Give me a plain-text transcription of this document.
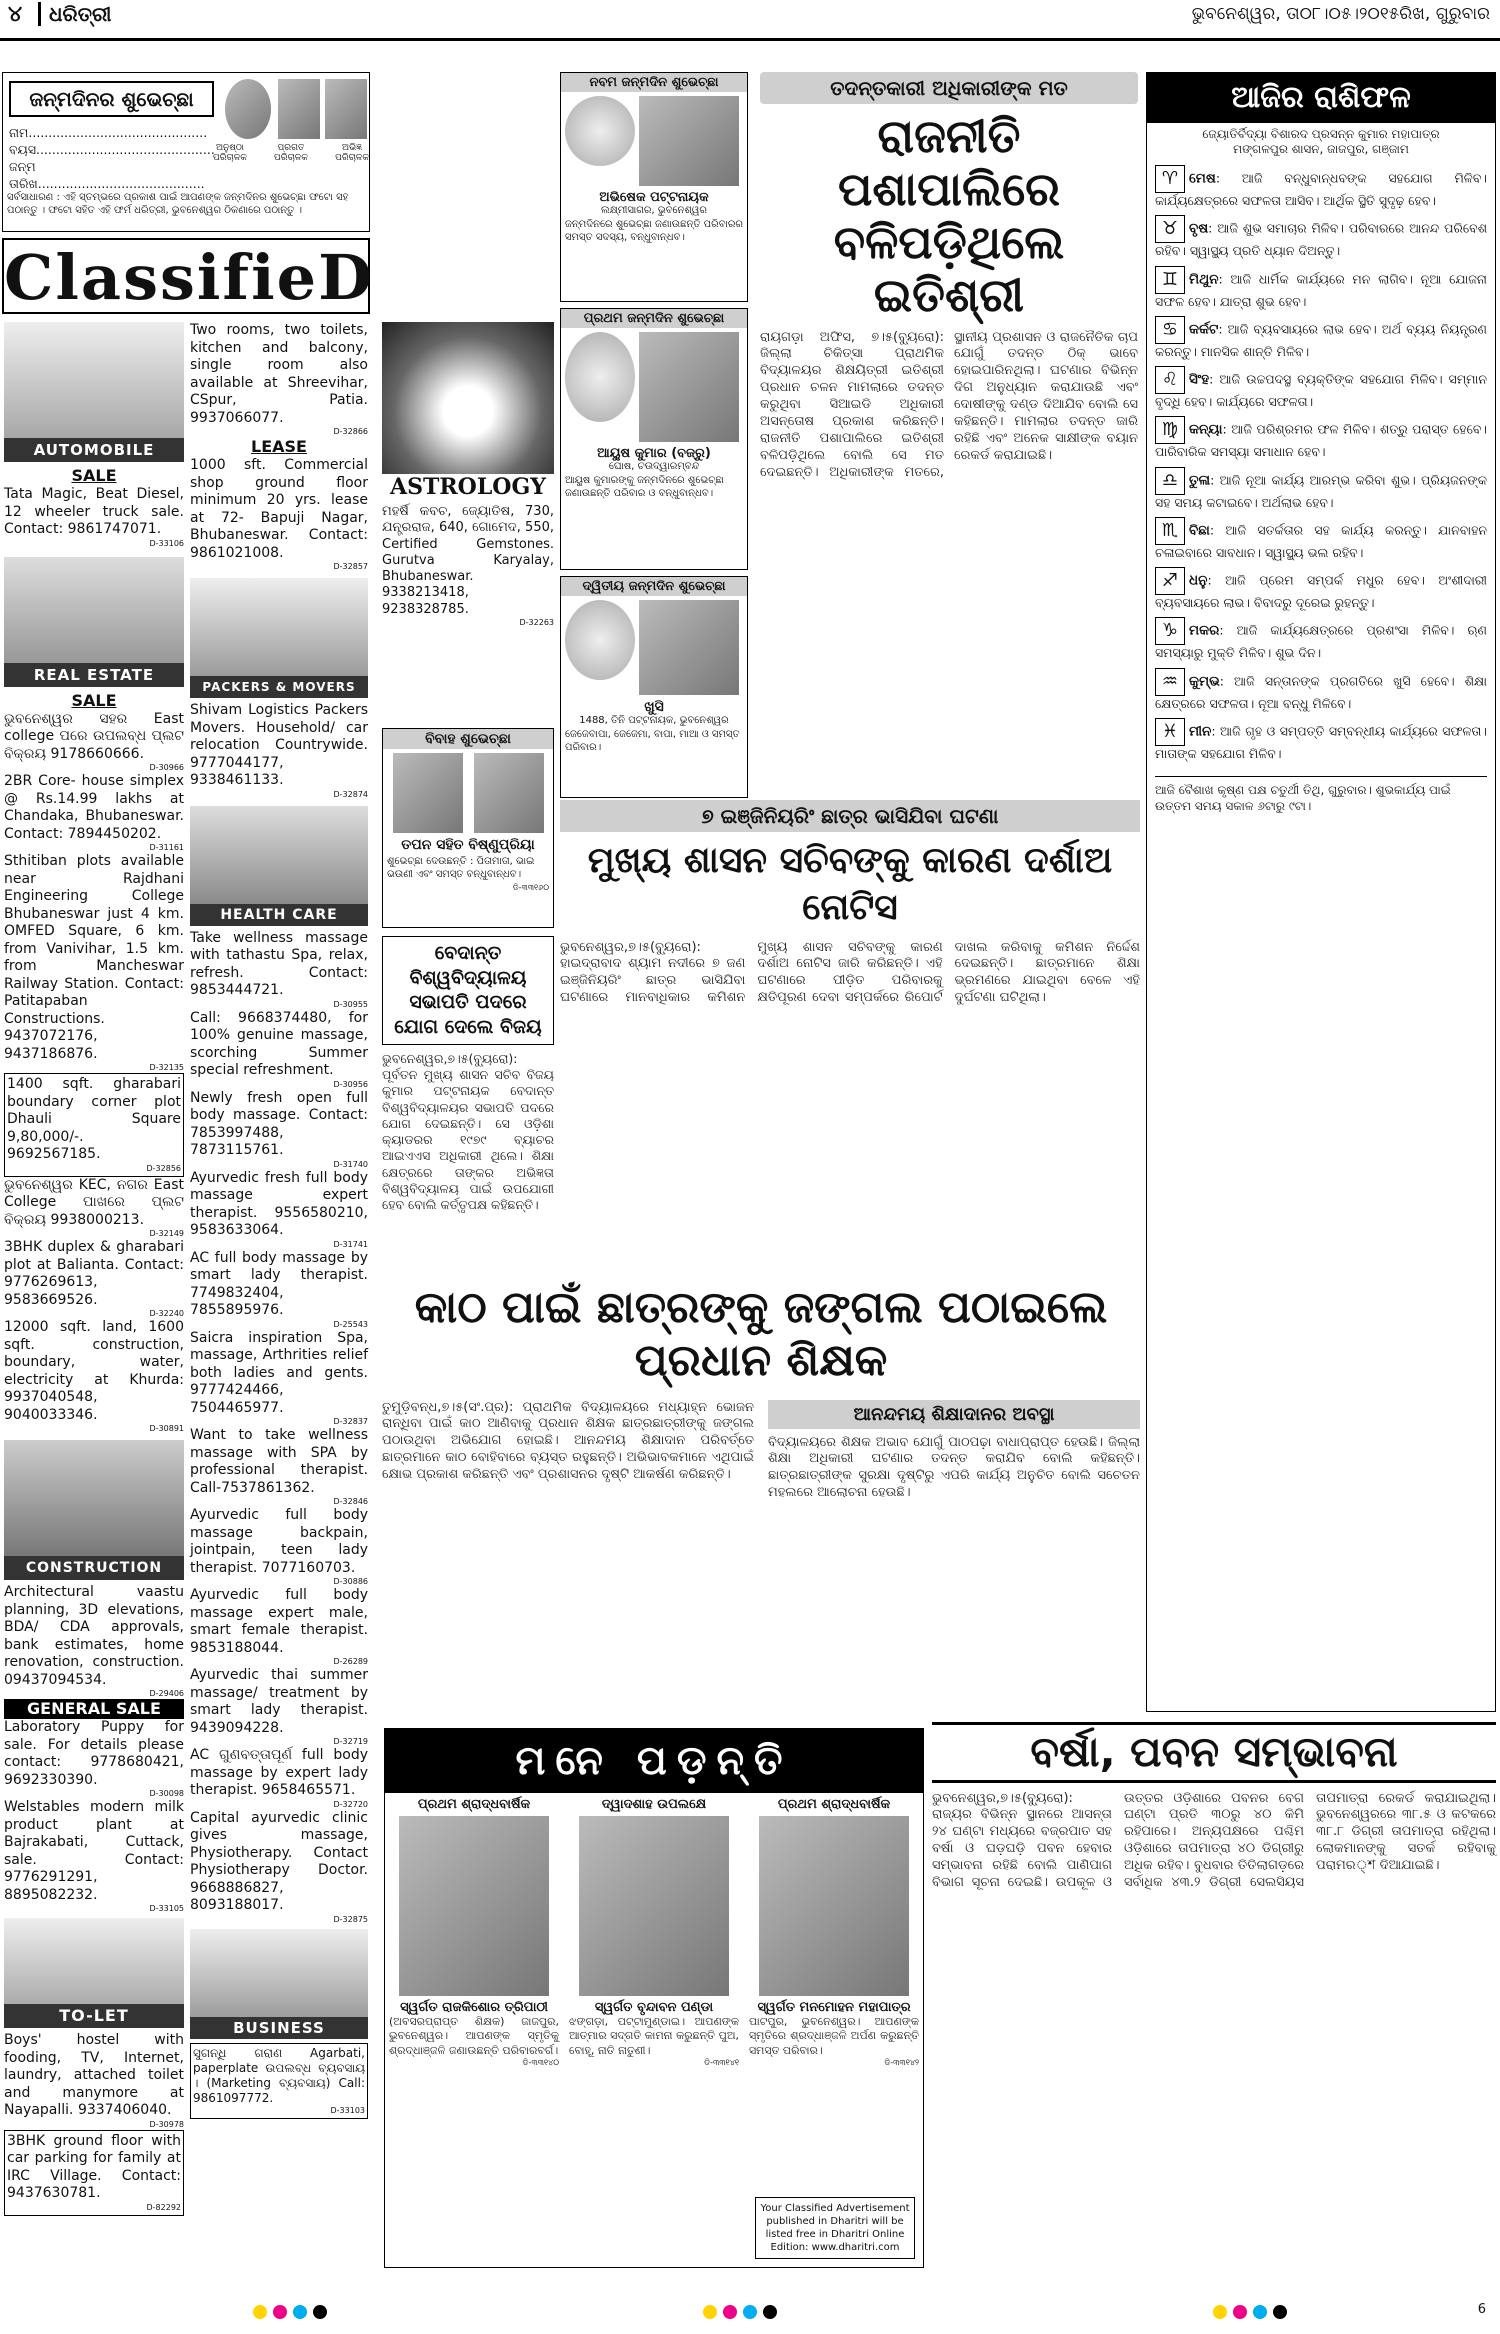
୪	ଧରିତ୍ରୀ	ଭୁବନେଶ୍ୱର, ତା୦୮।୦୫।୨୦୧୫ରିଖ, ଗୁରୁବାର
ଜନ୍ମଦିନର ଶୁଭେଚ୍ଛା
ନାମ.............................................
ବୟସ.............................................
ଜନ୍ମ ତାରିଖ..........................................
ଅନୁଷ୍ଠା
ପରିଚାଳକ
ପ୍ରଗତ
ପରିଚାଳକ
ଅଭିଜ୍ଞ
ପରିଚାଳକ
ସର୍ବସାଧାରଣ : ଏହି ସ୍ତମ୍ଭରେ ପ୍ରକାଶ ପାଇଁ ଆପଣଙ୍କ ଜନ୍ମଦିନର ଶୁଭେଚ୍ଛା ଫଟୋ ସହ ପଠାନ୍ତୁ । ଫଟୋ ସହିତ ଏହି ଫର୍ମ ଧରିତ୍ରୀ, ଭୁବନେଶ୍ୱର ଠିକଣାରେ ପଠାନ୍ତୁ ।
ClassifieD
AUTOMOBILE
SALE
Tata Magic, Beat Diesel, 12 wheeler truck sale. Contact: 9861747071.
D-33106
REAL ESTATE
SALE
ଭୁବନେଶ୍ୱର ସହର East college ପରେ ଉପଲବ୍ଧ ପ୍ଲଟ ବିକ୍ରୟ 9178660666.
D-30966
2BR Core- house simplex @ Rs.14.99 lakhs at Chandaka, Bhubaneswar. Contact: 7894450202.
D-31161
Sthitiban plots available near Rajdhani Engineering College Bhubaneswar just 4 km. OMFED Square, 6 km. from Vanivihar, 1.5 km. from Mancheswar Railway Station. Contact: Patitapaban Constructions. 9437072176, 9437186876.
D-32135
1400 sqft. gharabari boundary corner plot Dhauli Square 9,80,000/-. 9692567185.
D-32856
ଭୁବନେଶ୍ୱର KEC, ନଗର East College ପାଖରେ ପ୍ଲଟ ବିକ୍ରୟ 9938000213.
D-32149
3BHK duplex & gharabari plot at Balianta. Contact: 9776269613, 9583669526.
D-32240
12000 sqft. land, 1600 sqft. construction, boundary, water, electricity at Khurda: 9937040548, 9040033346.
D-30891
CONSTRUCTION
Architectural vaastu planning, 3D elevations, BDA/ CDA approvals, bank estimates, home renovation, construction. 09437094534.
D-29406
GENERAL SALE
Laboratory Puppy for sale. For details please contact: 9778680421, 9692330390.
D-30098
Welstables modern milk product plant at Bajrakabati, Cuttack, sale. Contact: 9776291291, 8895082232.
D-33105
TO-LET
Boys' hostel with fooding, TV, Internet, laundry, attached toilet and manymore at Nayapalli. 9337406040.
D-30978
3BHK ground floor with car parking for family at IRC Village. Contact: 9437630781.
D-82292
Two rooms, two toilets, kitchen and balcony, single room also available at Shreevihar, CSpur, Patia. 9937066077.
D-32866
LEASE
1000 sft. Commercial shop ground floor minimum 20 yrs. lease at 72- Bapuji Nagar, Bhubaneswar. Contact: 9861021008.
D-32857
PACKERS & MOVERS
Shivam Logistics Packers Movers. Household/ car relocation Countrywide. 9777044177, 9338461133.
D-32874
HEALTH CARE
Take wellness massage with tathastu Spa, relax, refresh. Contact: 9853444721.
D-30955
Call: 9668374480, for 100% genuine massage, scorching Summer special refreshment.
D-30956
Newly fresh open full body massage. Contact: 7853997488, 7873115761.
D-31740
Ayurvedic fresh full body massage expert therapist. 9556580210, 9583633064.
D-31741
AC full body massage by smart lady therapist. 7749832404, 7855895976.
D-25543
Saicra inspiration Spa, massage, Arthrities relief both ladies and gents. 9777424466, 7504465977.
D-32837
Want to take wellness massage with SPA by professional therapist. Call-7537861362.
D-32846
Ayurvedic full body massage backpain, jointpain, teen lady therapist. 7077160703.
D-30886
Ayurvedic full body massage expert male, smart female therapist. 9853188044.
D-26289
Ayurvedic thai summer massage/ treatment by smart lady therapist. 9439094228.
D-32719
AC ଗୁଣବତ୍ତାପୂର୍ଣ full body massage by expert lady therapist. 9658465571.
D-32720
Capital ayurvedic clinic gives massage, Physiotherapy. Contact Physiotherapy Doctor. 9668886827, 8093188017.
D-32875
BUSINESS
ସୁଗନ୍ଧି ଗରାଣ Agarbati, paperplate ଉପଲବ୍ଧ ବ୍ୟବସାୟ । (Marketing ବ୍ୟବସାୟ) Call: 9861097772.
D-33103
ASTROLOGY
ମହର୍ଷି କବଚ, ଜ୍ୟୋତିଷ, 730, ଯନ୍ତ୍ରରାଜ, 640, ଗୋମେଦ, 550, Certified Gemstones. Gurutva Karyalay, Bhubaneswar. 9338213418, 9238328785.
D-32263
ବିବାହ ଶୁଭେଚ୍ଛା
ତପନ ସହିତ ବିଷ୍ଣୁପ୍ରିୟା
ଶୁଭେଚ୍ଛା ଦେଉଛନ୍ତି : ପିତାମାତା, ଭାଇ ଭଉଣୀ ଏବଂ ସମସ୍ତ ବନ୍ଧୁବାନ୍ଧବ।
ଡି-୩୩୧୬୦
ବେଦାନ୍ତ ବିଶ୍ୱବିଦ୍ୟାଳୟ ସଭାପତି ପଦରେ ଯୋଗ ଦେଲେ ବିଜୟ
ଭୁବନେଶ୍ୱର,୭।୫(ବ୍ୟୁରୋ): ପୂର୍ବତନ ମୁଖ୍ୟ ଶାସନ ସଚିବ ବିଜୟ କୁମାର ପଟ୍ଟନାୟକ ବେଦାନ୍ତ ବିଶ୍ୱବିଦ୍ୟାଳୟର ସଭାପତି ପଦରେ ଯୋଗ ଦେଇଛନ୍ତି। ସେ ଓଡ଼ିଶା କ୍ୟାଡରର ୧୯୭୯ ବ୍ୟାଚର ଆଇଏଏସ ଅଧିକାରୀ ଥିଲେ। ଶିକ୍ଷା କ୍ଷେତ୍ରରେ ତାଙ୍କର ଅଭିଜ୍ଞତା ବିଶ୍ୱବିଦ୍ୟାଳୟ ପାଇଁ ଉପଯୋଗୀ ହେବ ବୋଲି କର୍ତ୍ତୃପକ୍ଷ କହିଛନ୍ତି।
ନବମ ଜନ୍ମଦିନ ଶୁଭେଚ୍ଛା
ଅଭିଷେକ ପଟ୍ଟନାୟକ
ଲକ୍ଷ୍ମୀସାଗର, ଭୁବନେଶ୍ୱର
ଜନ୍ମଦିନରେ ଶୁଭେଚ୍ଛା ଜଣାଉଛନ୍ତି ପରିବାରର ସମସ୍ତ ସଦସ୍ୟ, ବନ୍ଧୁବାନ୍ଧବ।
ପ୍ରଥମ ଜନ୍ମଦିନ ଶୁଭେଚ୍ଛା
ଆୟୁଷ କୁମାର (ବଜ୍ରୁ)
ଘୋଷ, ଚଉଦ୍ୱାରମ୍ବନ୍ଦ
ଆୟୁଷ କୁମାରଙ୍କୁ ଜନ୍ମଦିନରେ ଶୁଭେଚ୍ଛା ଜଣାଉଛନ୍ତି ପରିବାର ଓ ବନ୍ଧୁବାନ୍ଧବ।
ଦ୍ୱିତୀୟ ଜନ୍ମଦିନ ଶୁଭେଚ୍ଛା
ଖୁସି
1488, ତିନି ପଟ୍ଟନାୟକ, ଭୁବନେଶ୍ୱର
ଜେଜେବାପା, ଜେଜେମା, ବାପା, ମାଆ ଓ ସମସ୍ତ ପରିବାର।
ତଦନ୍ତକାରୀ ଅଧିକାରୀଙ୍କ ମତ
ରାଜନୀତି ପଶାପାଲିରେ
ବଳିପଡ଼ିଥିଲେ ଇତିଶ୍ରୀ
ରାୟଗଡ଼ା ଅଫିସ, ୭।୫(ବ୍ୟୁରୋ): ଜିଲ୍ଲା ଚିକିତ୍ସା ପ୍ରାଥମିକ ବିଦ୍ୟାଳୟର ଶିକ୍ଷୟିତ୍ରୀ ଇତିଶ୍ରୀ ପ୍ରଧାନ ଚଳନ ମାମଲାରେ ତଦନ୍ତ କରୁଥିବା ସିଆଇଡି ଅଧିକାରୀ ଅସନ୍ତୋଷ ପ୍ରକାଶ କରିଛନ୍ତି। ରାଜନୀତି ପଶାପାଲିରେ ଇତିଶ୍ରୀ ବଳିପଡ଼ିଥିଲେ ବୋଲି ସେ ମତ ଦେଇଛନ୍ତି। ଅଧିକାରୀଙ୍କ ମତରେ, ସ୍ଥାନୀୟ ପ୍ରଶାସନ ଓ ରାଜନୈତିକ ଚାପ ଯୋଗୁଁ ତଦନ୍ତ ଠିକ୍ ଭାବେ ହୋଇପାରିନଥିଲା। ଘଟଣାର ବିଭିନ୍ନ ଦିଗ ଅନୁଧ୍ୟାନ କରାଯାଉଛି ଏବଂ ଦୋଷୀଙ୍କୁ ଦଣ୍ଡ ଦିଆଯିବ ବୋଲି ସେ କହିଛନ୍ତି। ମାମଲାର ତଦନ୍ତ ଜାରି ରହିଛି ଏବଂ ଅନେକ ସାକ୍ଷୀଙ୍କ ବୟାନ ରେକର୍ଡ କରାଯାଇଛି।
୭ ଇଞ୍ଜିନିୟରିଂ ଛାତ୍ର ଭାସିଯିବା ଘଟଣା
ମୁଖ୍ୟ ଶାସନ ସଚିବଙ୍କୁ କାରଣ ଦର୍ଶାଅ ନୋଟିସ
ଭୁବନେଶ୍ୱର,୭।୫(ବ୍ୟୁରୋ): ହାଇଦ୍ରାବାଦ ଶ୍ୟାମ ନଦୀରେ ୭ ଜଣ ଇଞ୍ଜିନିୟରିଂ ଛାତ୍ର ଭାସିଯିବା ଘଟଣାରେ ମାନବାଧିକାର କମିଶନ ମୁଖ୍ୟ ଶାସନ ସଚିବଙ୍କୁ କାରଣ ଦର୍ଶାଅ ନୋଟିସ ଜାରି କରିଛନ୍ତି। ଏହି ଘଟଣାରେ ପୀଡ଼ିତ ପରିବାରକୁ କ୍ଷତିପୂରଣ ଦେବା ସମ୍ପର୍କରେ ରିପୋର୍ଟ ଦାଖଲ କରିବାକୁ କମିଶନ ନିର୍ଦ୍ଦେଶ ଦେଇଛନ୍ତି। ଛାତ୍ରମାନେ ଶିକ୍ଷା ଭ୍ରମଣରେ ଯାଇଥିବା ବେଳେ ଏହି ଦୁର୍ଘଟଣା ଘଟିଥିଲା।
କାଠ ପାଇଁ ଛାତ୍ରଙ୍କୁ ଜଙ୍ଗଲ ପଠାଇଲେ ପ୍ରଧାନ ଶିକ୍ଷକ
ତୁମୁଡ଼ିବନ୍ଧ,୭।୫(ସଂ.ପ୍ର): ପ୍ରାଥମିକ ବିଦ୍ୟାଳୟରେ ମଧ୍ୟାହ୍ନ ଭୋଜନ ରାନ୍ଧିବା ପାଇଁ କାଠ ଆଣିବାକୁ ପ୍ରଧାନ ଶିକ୍ଷକ ଛାତ୍ରଛାତ୍ରୀଙ୍କୁ ଜଙ୍ଗଲ ପଠାଉଥିବା ଅଭିଯୋଗ ହୋଇଛି। ଆନନ୍ଦମୟ ଶିକ୍ଷାଦାନ ପରିବର୍ତ୍ତେ ଛାତ୍ରମାନେ କାଠ ବୋହିବାରେ ବ୍ୟସ୍ତ ରହୁଛନ୍ତି। ଅଭିଭାବକମାନେ ଏଥିପାଇଁ କ୍ଷୋଭ ପ୍ରକାଶ କରିଛନ୍ତି ଏବଂ ପ୍ରଶାସନର ଦୃଷ୍ଟି ଆକର୍ଷଣ କରିଛନ୍ତି।
ଆନନ୍ଦମୟ ଶିକ୍ଷାଦାନର ଅବସ୍ଥା
ବିଦ୍ୟାଳୟରେ ଶିକ୍ଷକ ଅଭାବ ଯୋଗୁଁ ପାଠପଢ଼ା ବାଧାପ୍ରାପ୍ତ ହେଉଛି। ଜିଲ୍ଲା ଶିକ୍ଷା ଅଧିକାରୀ ଘଟଣାର ତଦନ୍ତ କରାଯିବ ବୋଲି କହିଛନ୍ତି। ଛାତ୍ରଛାତ୍ରୀଙ୍କ ସୁରକ୍ଷା ଦୃଷ୍ଟିରୁ ଏପରି କାର୍ଯ୍ୟ ଅନୁଚିତ ବୋଲି ସଚେତନ ମହଲରେ ଆଲୋଚନା ହେଉଛି।
ମନେ ପଡ଼ନ୍ତି
ପ୍ରଥମ ଶ୍ରାଦ୍ଧବାର୍ଷିକ
ସ୍ୱର୍ଗତ ରାଜକିଶୋର ତ୍ରିପାଠୀ
(ଅବସରପ୍ରାପ୍ତ ଶିକ୍ଷକ) ଜାଜପୁର, ଭୁବନେଶ୍ୱର। ଆପଣଙ୍କ ସ୍ମୃତିକୁ ଶ୍ରଦ୍ଧାଞ୍ଜଳି ଜଣାଉଛନ୍ତି ପରିବାରବର୍ଗ।
ଡି-୩୩୧୪୦
ଦ୍ୱାଦଶାହ ଉପଲକ୍ଷେ
ସ୍ୱର୍ଗତ ବୃନ୍ଦାବନ ପଣ୍ଡା
ଝଙ୍ଗଡ଼ା, ପଟ୍ଟାମୁଣ୍ଡାଇ। ଆପଣଙ୍କ ଆତ୍ମାର ସଦ୍‌ଗତି କାମନା କରୁଛନ୍ତି ପୁଅ, ବୋହୂ, ନାତି ନାତୁଣୀ।
ଡି-୩୩୧୪୧
ପ୍ରଥମ ଶ୍ରାଦ୍ଧବାର୍ଷିକ
ସ୍ୱର୍ଗତ ମନମୋହନ ମହାପାତ୍ର
ପାଟପୁର, ଭୁବନେଶ୍ୱର। ଆପଣଙ୍କ ସ୍ମୃତିରେ ଶ୍ରଦ୍ଧାଞ୍ଜଳି ଅର୍ପଣ କରୁଛନ୍ତି ସମସ୍ତ ପରିବାର।
ଡି-୩୩୧୪୨
Your Classified Advertisement published in Dharitri will be listed free in Dharitri Online Edition: www.dharitri.com
ଆଜିର ରାଶିଫଳ
ଜ୍ୟୋତିର୍ବିଦ୍ୟା ବିଶାରଦ ପ୍ରସନ୍ନ କୁମାର ମହାପାତ୍ର
ମଙ୍ଗଳପୁର ଶାସନ, ଜାଜପୁର, ଗଞ୍ଜାମ
♈ ମେଷ: ଆଜି ବନ୍ଧୁବାନ୍ଧବଙ୍କ ସହଯୋଗ ମିଳିବ। କାର୍ଯ୍ୟକ୍ଷେତ୍ରରେ ସଫଳତା ଆସିବ। ଆର୍ଥିକ ସ୍ଥିତି ସୁଦୃଢ଼ ହେବ।
♉ ବୃଷ: ଆଜି ଶୁଭ ସମାଚାର ମିଳିବ। ପରିବାରରେ ଆନନ୍ଦ ପରିବେଶ ରହିବ। ସ୍ୱାସ୍ଥ୍ୟ ପ୍ରତି ଧ୍ୟାନ ଦିଅନ୍ତୁ।
♊ ମିଥୁନ: ଆଜି ଧାର୍ମିକ କାର୍ଯ୍ୟରେ ମନ ଲାଗିବ। ନୂଆ ଯୋଜନା ସଫଳ ହେବ। ଯାତ୍ରା ଶୁଭ ହେବ।
♋ କର୍କଟ: ଆଜି ବ୍ୟବସାୟରେ ଲାଭ ହେବ। ଅର୍ଥ ବ୍ୟୟ ନିୟନ୍ତ୍ରଣ କରନ୍ତୁ। ମାନସିକ ଶାନ୍ତି ମିଳିବ।
♌ ସିଂହ: ଆଜି ଉଚ୍ଚପଦସ୍ଥ ବ୍ୟକ୍ତିଙ୍କ ସହଯୋଗ ମିଳିବ। ସମ୍ମାନ ବୃଦ୍ଧି ହେବ। କାର୍ଯ୍ୟରେ ସଫଳତା।
♍ କନ୍ୟା: ଆଜି ପରିଶ୍ରମର ଫଳ ମିଳିବ। ଶତ୍ରୁ ପରାସ୍ତ ହେବେ। ପାରିବାରିକ ସମସ୍ୟା ସମାଧାନ ହେବ।
♎ ତୁଳା: ଆଜି ନୂଆ କାର୍ଯ୍ୟ ଆରମ୍ଭ କରିବା ଶୁଭ। ପ୍ରିୟଜନଙ୍କ ସହ ସମୟ କଟାଇବେ। ଅର୍ଥଲାଭ ହେବ।
♏ ବିଛା: ଆଜି ସତର୍କତାର ସହ କାର୍ଯ୍ୟ କରନ୍ତୁ। ଯାନବାହନ ଚଳାଇବାରେ ସାବଧାନ। ସ୍ୱାସ୍ଥ୍ୟ ଭଲ ରହିବ।
♐ ଧନୁ: ଆଜି ପ୍ରେମ ସମ୍ପର୍କ ମଧୁର ହେବ। ଅଂଶୀଦାରୀ ବ୍ୟବସାୟରେ ଲାଭ। ବିବାଦରୁ ଦୂରେଇ ରୁହନ୍ତୁ।
♑ ମକର: ଆଜି କାର୍ଯ୍ୟକ୍ଷେତ୍ରରେ ପ୍ରଶଂସା ମିଳିବ। ଋଣ ସମସ୍ୟାରୁ ମୁକ୍ତି ମିଳିବ। ଶୁଭ ଦିନ।
♒ କୁମ୍ଭ: ଆଜି ସନ୍ତାନଙ୍କ ପ୍ରଗତିରେ ଖୁସି ହେବେ। ଶିକ୍ଷା କ୍ଷେତ୍ରରେ ସଫଳତା। ନୂଆ ବନ୍ଧୁ ମିଳିବେ।
♓ ମୀନ: ଆଜି ଗୃହ ଓ ସମ୍ପତ୍ତି ସମ୍ବନ୍ଧୀୟ କାର୍ଯ୍ୟରେ ସଫଳତା। ମାତାଙ୍କ ସହଯୋଗ ମିଳିବ।
ଆଜି ବୈଶାଖ କୃଷ୍ଣ ପକ୍ଷ ଚତୁର୍ଥୀ ତିଥି, ଗୁରୁବାର। ଶୁଭକାର୍ଯ୍ୟ ପାଇଁ ଉତ୍ତମ ସମୟ ସକାଳ ୬ଟାରୁ ୯ଟା।
ବର୍ଷା, ପବନ ସମ୍ଭାବନା
ଭୁବନେଶ୍ୱର,୭।୫(ବ୍ୟୁରୋ): ରାଜ୍ୟର ବିଭିନ୍ନ ସ୍ଥାନରେ ଆସନ୍ତା ୨୪ ଘଣ୍ଟା ମଧ୍ୟରେ ବଜ୍ରପାତ ସହ ବର୍ଷା ଓ ଘଡ଼ଘଡ଼ି ପବନ ହେବାର ସମ୍ଭାବନା ରହିଛି ବୋଲି ପାଣିପାଗ ବିଭାଗ ସୂଚନା ଦେଇଛି। ଉପକୂଳ ଓ ଉତ୍ତର ଓଡ଼ିଶାରେ ପବନର ବେଗ ଘଣ୍ଟା ପ୍ରତି ୩୦ରୁ ୪୦ କିମି ରହିପାରେ। ଅନ୍ୟପକ୍ଷରେ ପଶ୍ଚିମ ଓଡ଼ିଶାରେ ତାପମାତ୍ରା ୪୦ ଡିଗ୍ରୀରୁ ଅଧିକ ରହିବ। ବୁଧବାର ତିତିଲାଗଡ଼ରେ ସର୍ବାଧିକ ୪୩.୨ ଡିଗ୍ରୀ ସେଲସିୟସ ତାପମାତ୍ରା ରେକର୍ଡ କରାଯାଇଥିଲା। ଭୁବନେଶ୍ୱରରେ ୩୮.୫ ଓ କଟକରେ ୩୮.୮ ଡିଗ୍ରୀ ତାପମାତ୍ରା ରହିଥିଲା। ଲୋକମାନଙ୍କୁ ସତର୍କ ରହିବାକୁ ପରାମର্শ ଦିଆଯାଇଛି।
6
